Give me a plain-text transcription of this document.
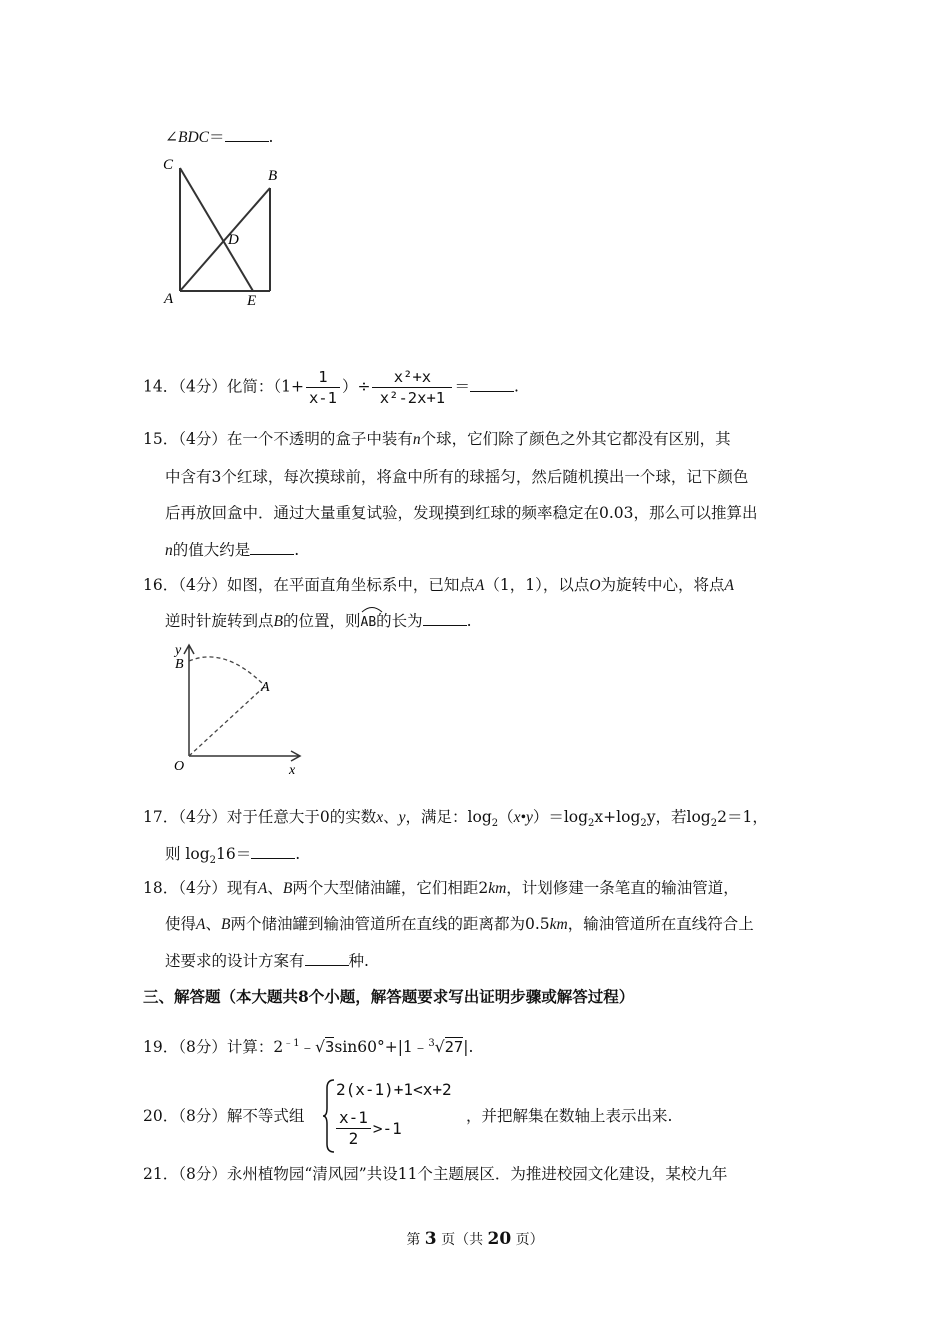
∠BDC＝	.
C
B
D
A	E
14．（4分）化简：（$1+ \frac{1}{x-1}$ ）÷ $\frac{\text{x²+x}}{\text{x²-2x+1}}$ ＝	.
15．（4分）在一个不透明的盒子中装有n个球，它们除了颜色之外其它都没有区别，其
中含有3个红球，每次摸球前，将盒中所有的球摇匀，然后随机摸出一个球，记下颜色
后再放回盒中．通过大量重复试验，发现摸到红球的频率稳定在0.03，那么可以推算出
n的值大约是	.
16．（4分）如图，在平面直角坐标系中，已知点A（1，1），以点O为旋转中心，将点A
逆时针旋转到点B的位置，则
AB的长为	.
y
B
A
O	x
17．（4分）对于任意大于0的实数x、y，满足：$\log_2(x•y)=\log_2x+\log_2y$，若$\log_22=1$，
则 $\log_216=$	.
18．（4分）现有A、B两个大型储油罐，它们相距2km，计划修建一条笔直的输油管道，
使得A、B两个储油罐到输油管道所在直线的距离都为0.5km，输油管道所在直线符合上
述要求的设计方案有	种.
三、解答题（本大题共8个小题，解答题要求写出证明步骤或解答过程）
19．（8分）计算：$2^{﹣1}﹣√3\sin 60^\circ+|1﹣^3√27|$.
20．（8分）解不等式组
2(x-1)+1<x+2
$\frac{x-1}{2} >-1$
，并把解集在数轴上表示出来.
21．（8分）永州植物园“清风园”共设11个主题展区．为推进校园文化建设，某校九年
第 3 页（共 20 页）
